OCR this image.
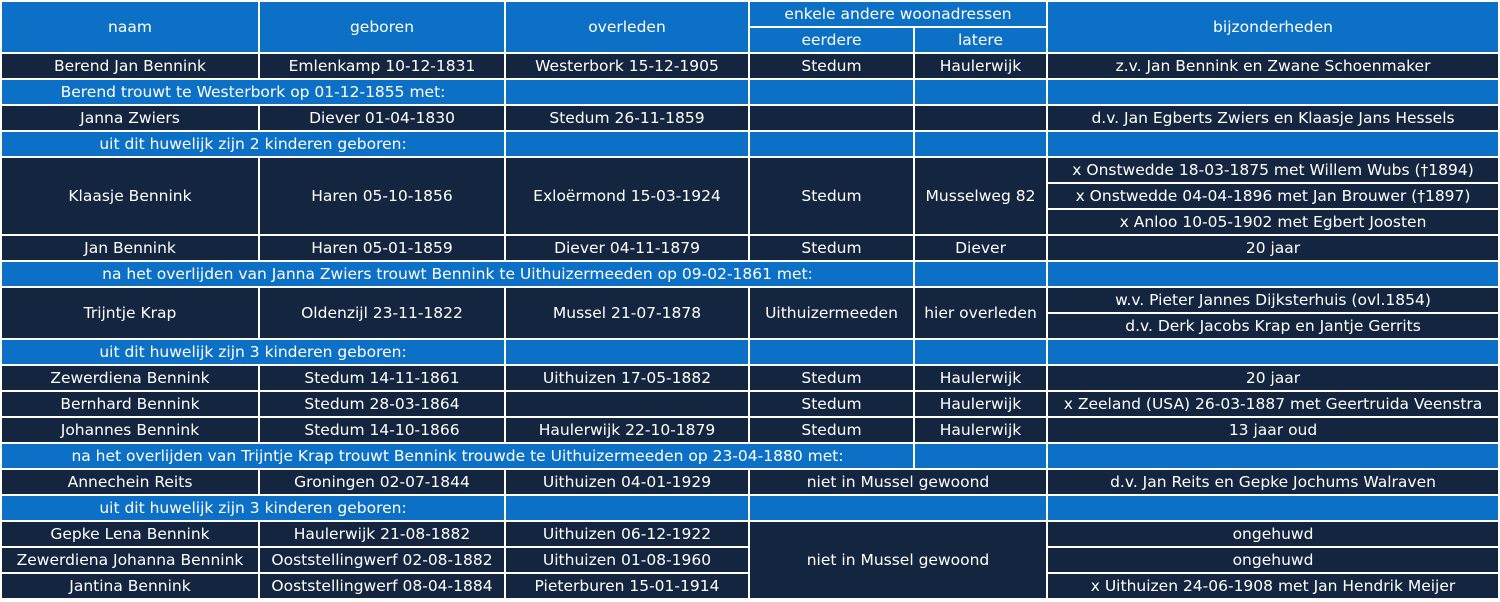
naam	geboren	overleden	enkele andere woonadressen		bijzonderheden
			eerdere	latere	
Berend Jan Bennink	Emlenkamp 10-12-1831	Westerbork 15-12-1905	Stedum	Haulerwijk	z.v. Jan Bennink en Zwane Schoenmaker
Berend trouwt te Westerbork op 01-12-1855 met:					
Janna Zwiers	Diever 01-04-1830	Stedum 26-11-1859			d.v. Jan Egberts Zwiers en Klaasje Jans Hessels
uit dit huwelijk zijn 2 kinderen geboren:					
Klaasje Bennink	Haren 05-10-1856	Exloërmond 15-03-1924	Stedum	Musselweg 82	x Onstwedde 18-03-1875 met Willem Wubs (†1894)
					x Onstwedde 04-04-1896 met Jan Brouwer (†1897)
					x Anloo 10-05-1902 met Egbert Joosten
Jan Bennink	Haren 05-01-1859	Diever 04-11-1879	Stedum	Diever	20 jaar
na het overlijden van Janna Zwiers trouwt Bennink te Uithuizermeeden op 09-02-1861 met:					
Trijntje Krap	Oldenzijl 23-11-1822	Mussel 21-07-1878	Uithuizermeeden	hier overleden	w.v. Pieter Jannes Dijksterhuis (ovl.1854)
					d.v. Derk Jacobs Krap en Jantje Gerrits
uit dit huwelijk zijn 3 kinderen geboren:					
Zewerdiena Bennink	Stedum 14-11-1861	Uithuizen 17-05-1882	Stedum	Haulerwijk	20 jaar
Bernhard Bennink	Stedum 28-03-1864		Stedum	Haulerwijk	x Zeeland (USA) 26-03-1887 met Geertruida Veenstra
Johannes Bennink	Stedum 14-10-1866	Haulerwijk 22-10-1879	Stedum	Haulerwijk	13 jaar oud
na het overlijden van Trijntje Krap trouwt Bennink trouwde te Uithuizermeeden op 23-04-1880 met:					
Annechein Reits	Groningen 02-07-1844	Uithuizen 04-01-1929	niet in Mussel gewoond		d.v. Jan Reits en Gepke Jochums Walraven
uit dit huwelijk zijn 3 kinderen geboren:					
Gepke Lena Bennink	Haulerwijk 21-08-1882	Uithuizen 06-12-1922	niet in Mussel gewoond		ongehuwd
Zewerdiena Johanna Bennink	Ooststellingwerf 02-08-1882	Uithuizen 01-08-1960			ongehuwd
Jantina Bennink	Ooststellingwerf 08-04-1884	Pieterburen 15-01-1914			x Uithuizen 24-06-1908 met Jan Hendrik Meijer
